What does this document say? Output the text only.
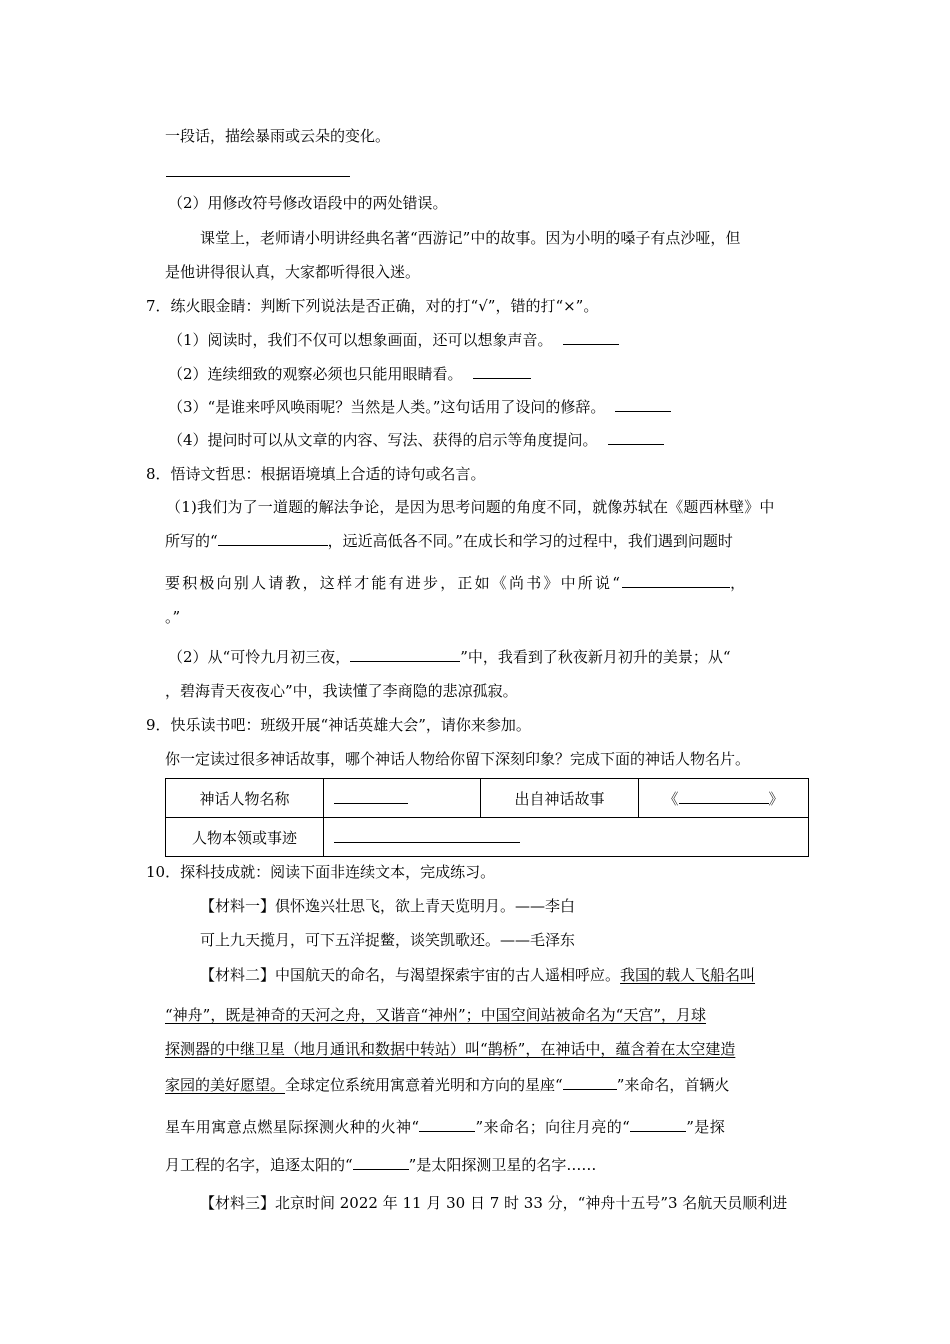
一段话，描绘暴雨或云朵的变化。
（2）用修改符号修改语段中的两处错误。
课堂上，老师请小明讲经典名著“西游记”中的故事。因为小明的嗓子有点沙哑，但
是他讲得很认真，大家都听得很入迷。
7．练火眼金睛：判断下列说法是否正确，对的打“√”，错的打“×”。
（1）阅读时，我们不仅可以想象画面，还可以想象声音。
（2）连续细致的观察必须也只能用眼睛看。
（3）“是谁来呼风唤雨呢？当然是人类。”这句话用了设问的修辞。
（4）提问时可以从文章的内容、写法、获得的启示等角度提问。
8．悟诗文哲思：根据语境填上合适的诗句或名言。
（1)我们为了一道题的解法争论，是因为思考问题的角度不同，就像苏轼在《题西林壁》中
所写的“	，远近高低各不同。”在成长和学习的过程中，我们遇到问题时
要积极向别人请教，这样才能有进步，正如《尚书》中所说“	，
。”
（2）从“可怜九月初三夜，	”中，我看到了秋夜新月初升的美景；从“
，碧海青天夜夜心”中，我读懂了李商隐的悲凉孤寂。
9．快乐读书吧：班级开展“神话英雄大会”，请你来参加。
你一定读过很多神话故事，哪个神话人物给你留下深刻印象？完成下面的神话人物名片。
神话人物名称		出自神话故事	《 》
人物本领或事迹			
10．探科技成就：阅读下面非连续文本，完成练习。
【材料一】俱怀逸兴壮思飞，欲上青天览明月。——李白
可上九天揽月，可下五洋捉鳖，谈笑凯歌还。——毛泽东
【材料二】中国航天的命名，与渴望探索宇宙的古人遥相呼应。我国的载人飞船名叫
“神舟”，既是神奇的天河之舟，又谐音“神州”；中国空间站被命名为“天宫”，月球
探测器的中继卫星（地月通讯和数据中转站）叫“鹊桥”，在神话中，蕴含着在太空建造
家园的美好愿望。全球定位系统用寓意着光明和方向的星座“	”来命名，首辆火
星车用寓意点燃星际探测火种的火神“	”来命名；向往月亮的“	”是探
月工程的名字，追逐太阳的“	”是太阳探测卫星的名字……
【材料三】北京时间 2022 年 11 月 30 日 7 时 33 分，“神舟十五号”3 名航天员顺利进
